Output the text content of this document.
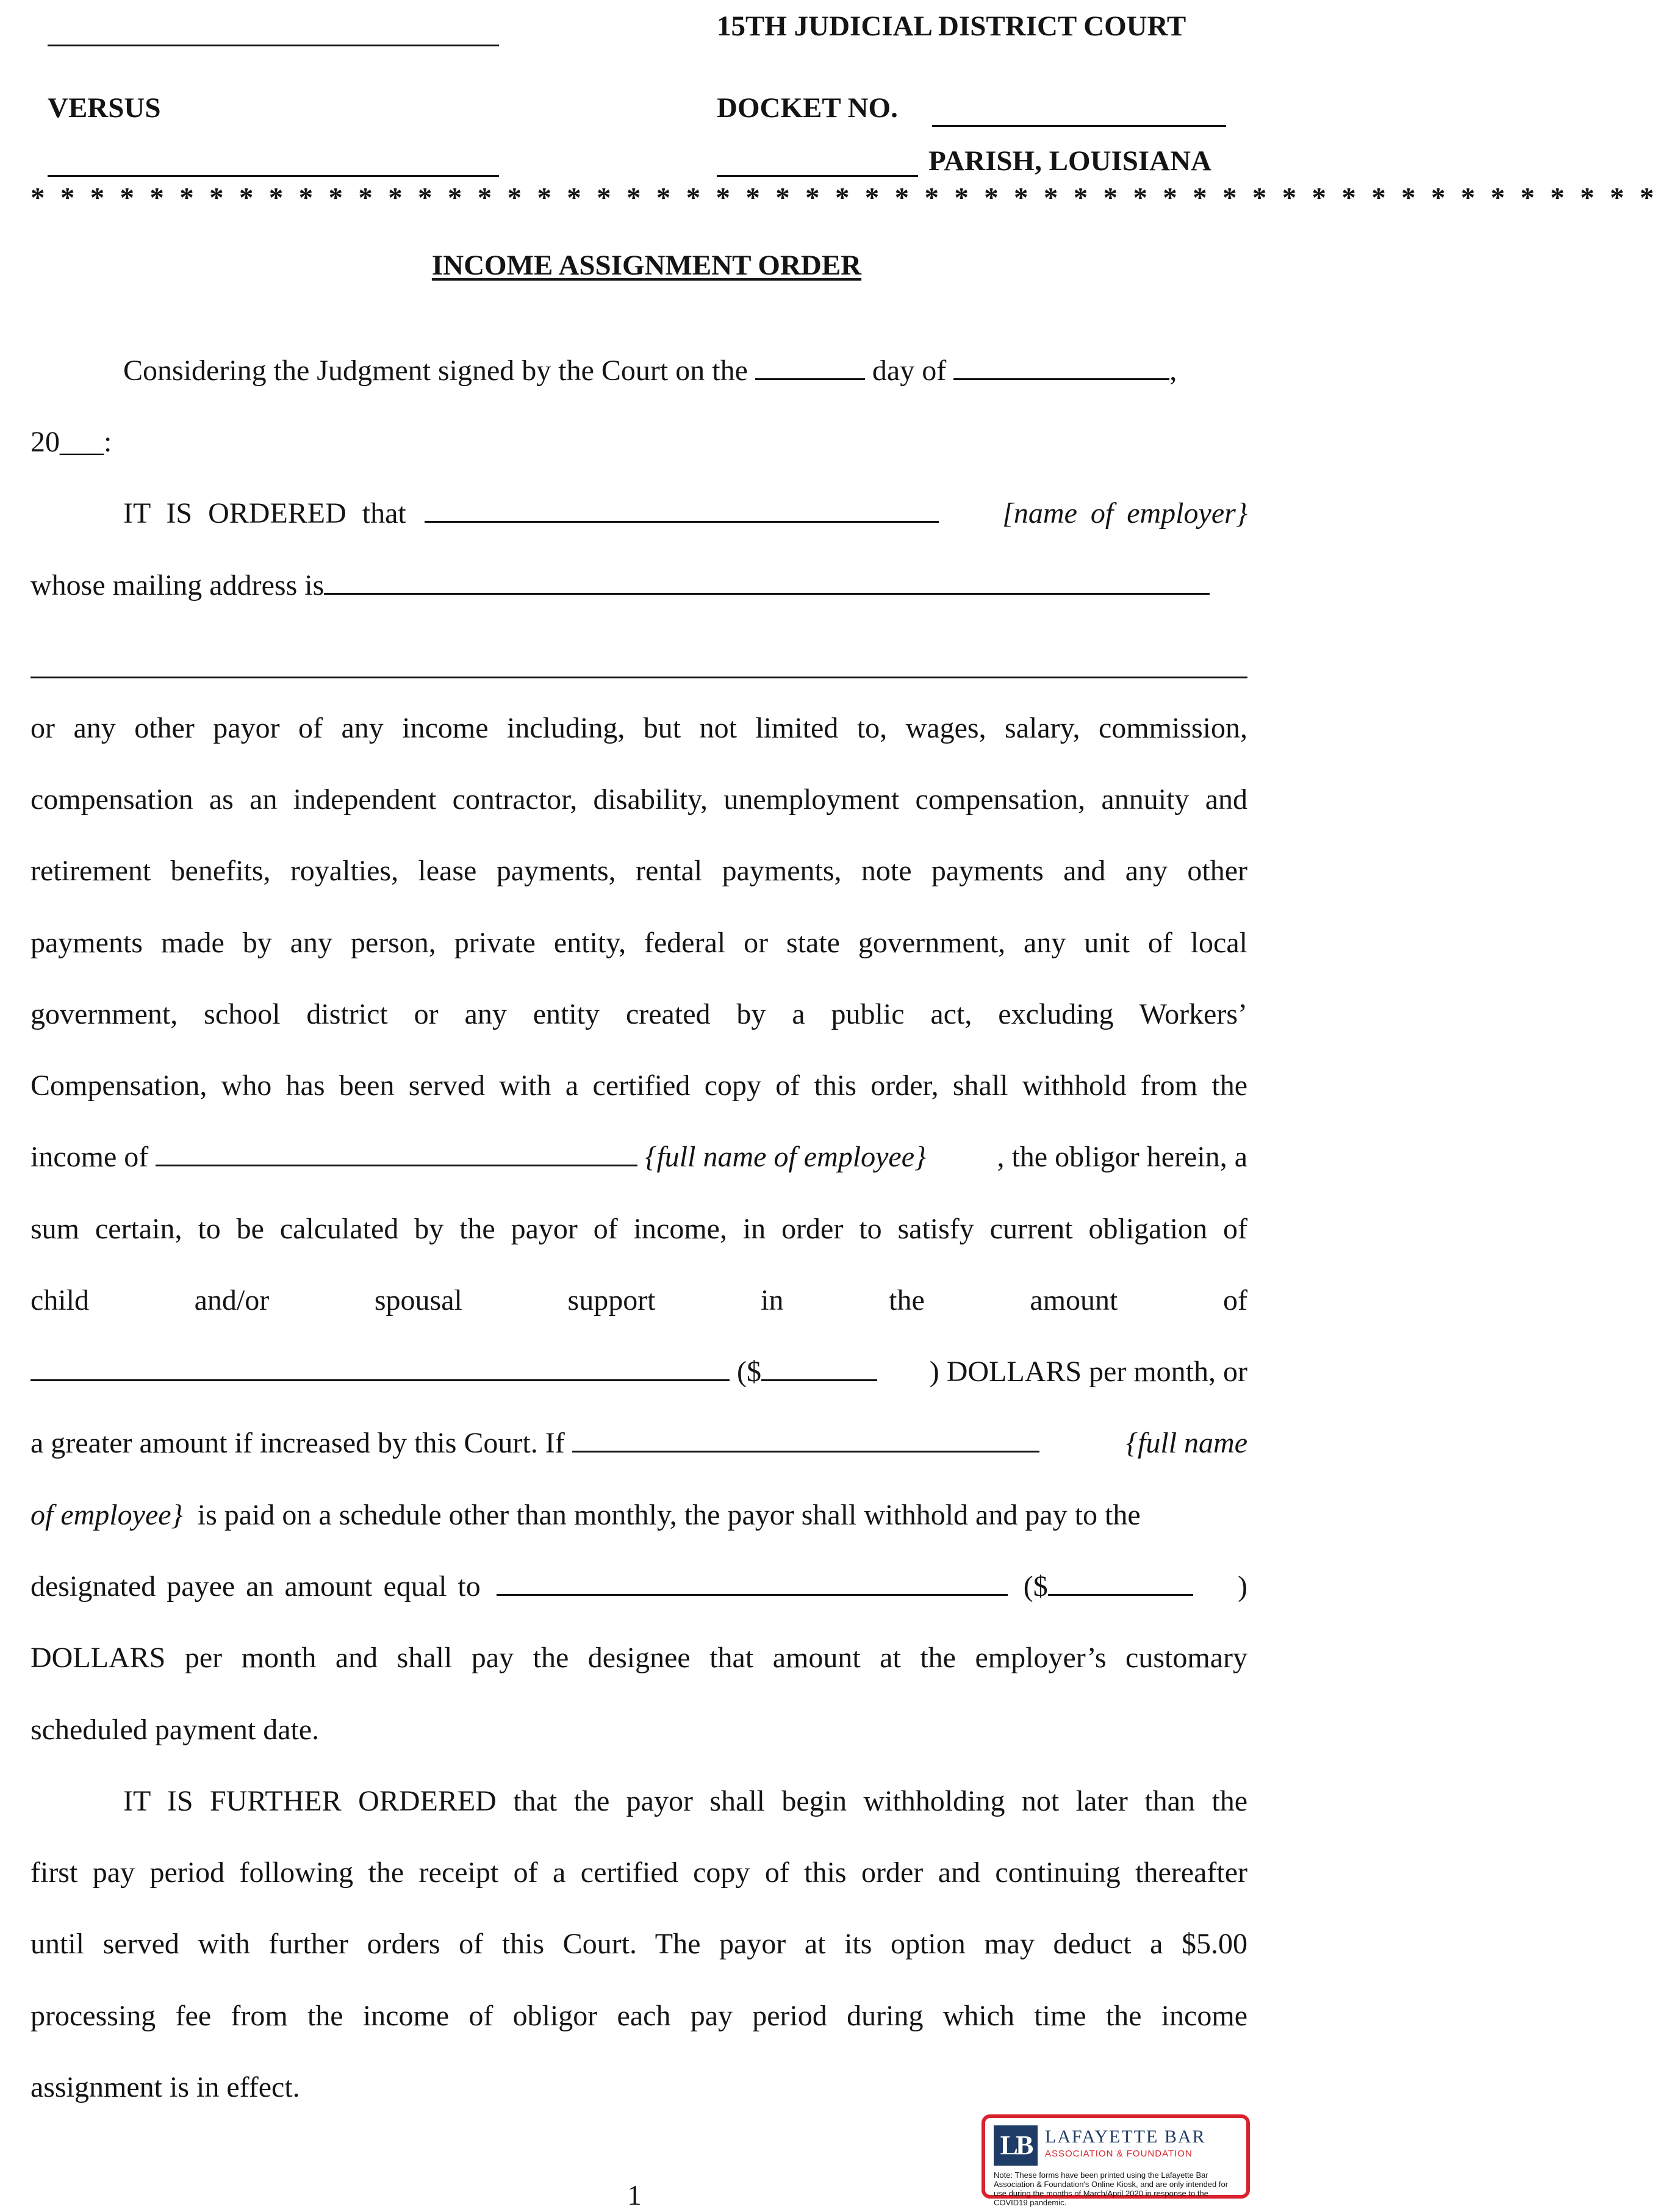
15TH JUDICIAL DISTRICT COURT
VERSUS	DOCKET NO.
PARISH, LOUISIANA
* * * * * * * * * * * * * * * * * * * * * * * * * * * * * * * * * * * * * * * * * * * * * * * * * * * * * * *
INCOME ASSIGNMENT ORDER
Considering the Judgment signed by the Court on the	day of	,
20___:
IT IS ORDERED that	[name of employer}
whose mailing address is
or any other payor of any income including, but not limited to, wages, salary, commission,
compensation as an independent contractor, disability, unemployment compensation, annuity and
retirement benefits, royalties, lease payments, rental payments, note payments and any other
payments made by any person, private entity, federal or state government, any unit of local
government, school district or any entity created by a public act, excluding Workers’
Compensation, who has been served with a certified copy of this order, shall withhold from the
income of	{full name of employee} , the obligor herein, a
sum certain, to be calculated by the payor of income, in order to satisfy current obligation of
child and/or spousal support in the amount of
($	) DOLLARS per month, or
a greater amount if increased by this Court. If	{full name
of employee} is paid on a schedule other than monthly, the payor shall withhold and pay to the
designated payee an amount equal to	($	)
DOLLARS per month and shall pay the designee that amount at the employer’s customary
scheduled payment date.
IT IS FURTHER ORDERED that the payor shall begin withholding not later than the
first pay period following the receipt of a certified copy of this order and continuing thereafter
until served with further orders of this Court. The payor at its option may deduct a $5.00
processing fee from the income of obligor each pay period during which time the income
assignment is in effect.
LB LAFAYETTE BAR
ASSOCIATION & FOUNDATION
Note: These forms have been printed using the Lafayette Bar Association & Foundation's Online Kiosk, and are only intended for use during the months of March/April 2020 in response to the COVID19 pandemic.
1
